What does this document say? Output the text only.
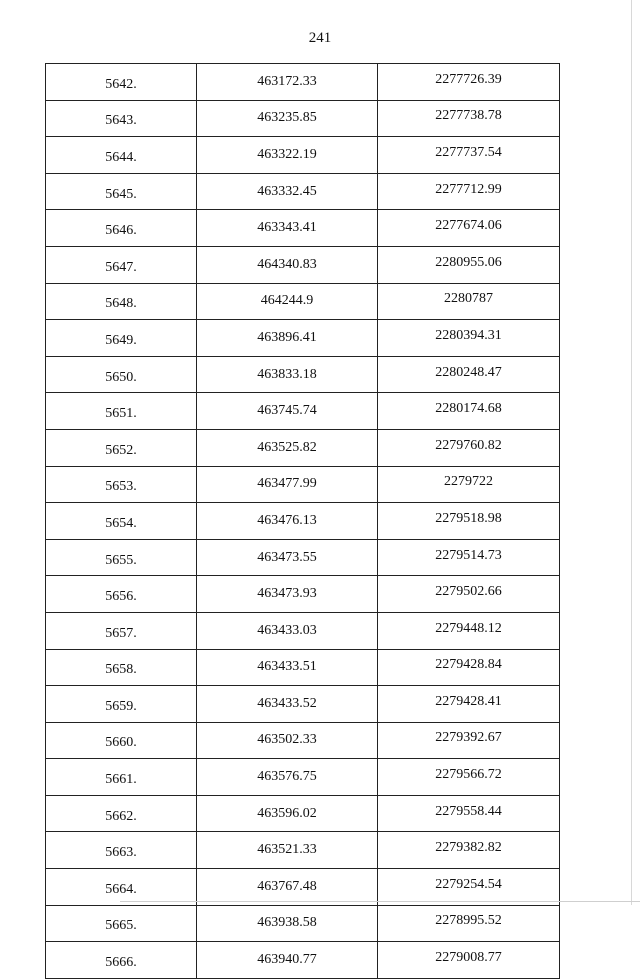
241
5642.	463172.33	2277726.39
5643.	463235.85	2277738.78
5644.	463322.19	2277737.54
5645.	463332.45	2277712.99
5646.	463343.41	2277674.06
5647.	464340.83	2280955.06
5648.	464244.9	2280787
5649.	463896.41	2280394.31
5650.	463833.18	2280248.47
5651.	463745.74	2280174.68
5652.	463525.82	2279760.82
5653.	463477.99	2279722
5654.	463476.13	2279518.98
5655.	463473.55	2279514.73
5656.	463473.93	2279502.66
5657.	463433.03	2279448.12
5658.	463433.51	2279428.84
5659.	463433.52	2279428.41
5660.	463502.33	2279392.67
5661.	463576.75	2279566.72
5662.	463596.02	2279558.44
5663.	463521.33	2279382.82
5664.	463767.48	2279254.54
5665.	463938.58	2278995.52
5666.	463940.77	2279008.77
